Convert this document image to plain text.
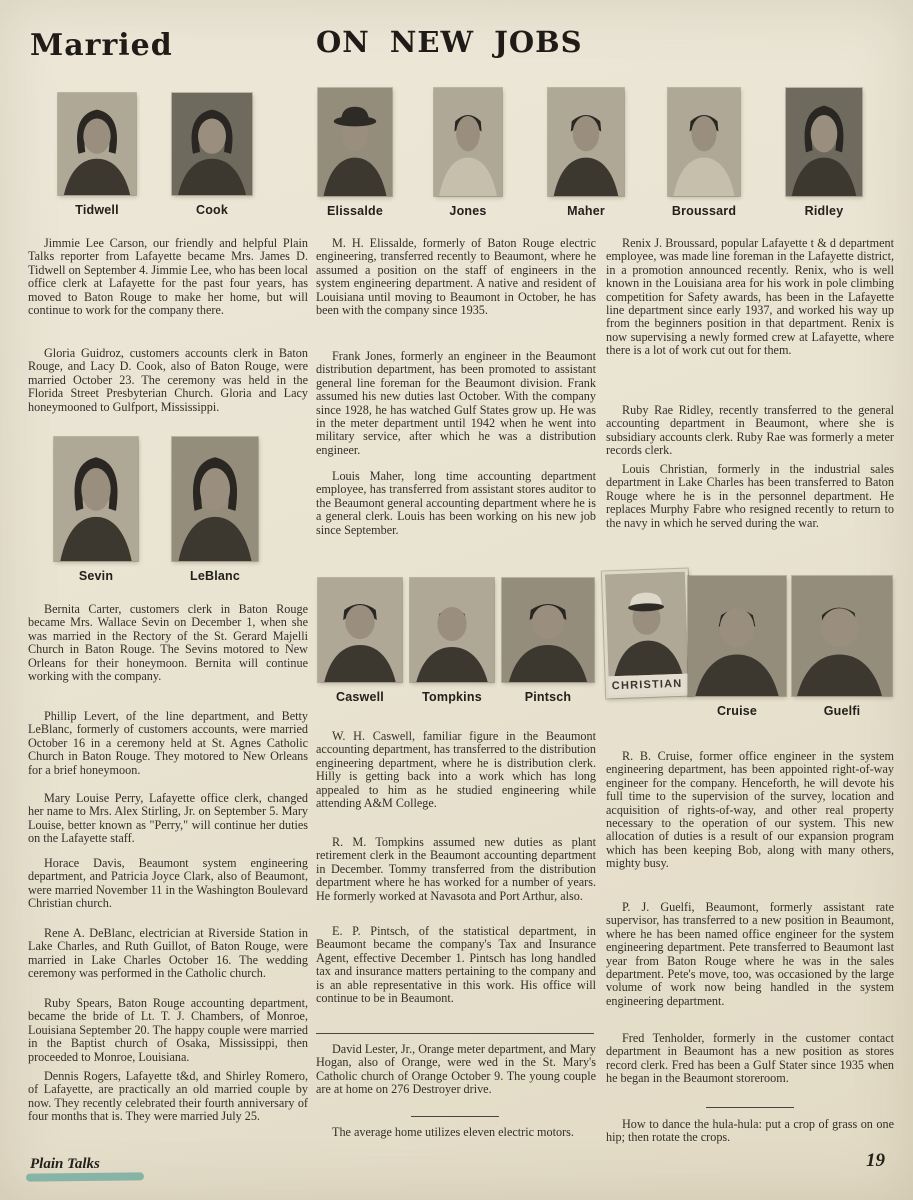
Married	ON NEW JOBS
Tidwell	Cook	Elissalde	Jones	Maher	Broussard	Ridley
Sevin	LeBlanc
Caswell	Tompkins	Pintsch
CHRISTIAN
Cruise	Guelfi

Jimmie Lee Carson, our friendly and helpful Plain Talks reporter from Lafayette became Mrs. James D. Tidwell on September 4. Jimmie Lee, who has been local office clerk at Lafayette for the past four years, has moved to Baton Rouge to make her home, but will continue to work for the company there.

Gloria Guidroz, customers accounts clerk in Baton Rouge, and Lacy D. Cook, also of Baton Rouge, were married October 23. The ceremony was held in the Florida Street Presbyterian Church. Gloria and Lacy honeymooned to Gulfport, Mississippi.

Bernita Carter, customers clerk in Baton Rouge became Mrs. Wallace Sevin on December 1, when she was married in the Rectory of the St. Gerard Majelli Church in Baton Rouge. The Sevins motored to New Orleans for their honeymoon. Bernita will continue working with the company.

Phillip Levert, of the line department, and Betty LeBlanc, formerly of customers accounts, were married October 16 in a ceremony held at St. Agnes Catholic Church in Baton Rouge. They motored to New Orleans for a brief honeymoon.

Mary Louise Perry, Lafayette office clerk, changed her name to Mrs. Alex Stirling, Jr. on September 5. Mary Louise, better known as "Perry," will continue her duties on the Lafayette staff.

Horace Davis, Beaumont system engineering department, and Patricia Joyce Clark, also of Beaumont, were married November 11 in the Washington Boulevard Christian church.

Rene A. DeBlanc, electrician at Riverside Station in Lake Charles, and Ruth Guillot, of Baton Rouge, were married in Lake Charles October 16. The wedding ceremony was performed in the Catholic church.

Ruby Spears, Baton Rouge accounting department, became the bride of Lt. T. J. Chambers, of Monroe, Louisiana September 20. The happy couple were married in the Baptist church of Osaka, Mississippi, then proceeded to Monroe, Louisiana.

Dennis Rogers, Lafayette t&d, and Shirley Romero, of Lafayette, are practically an old married couple by now. They recently celebrated their fourth anniversary of four months that is. They were married July 25.

M. H. Elissalde, formerly of Baton Rouge electric engineering, transferred recently to Beaumont, where he assumed a position on the staff of engineers in the system engineering department. A native and resident of Louisiana until moving to Beaumont in October, he has been with the company since 1935.

Frank Jones, formerly an engineer in the Beaumont distribution department, has been promoted to assistant general line foreman for the Beaumont division. Frank assumed his new duties last October. With the company since 1928, he has watched Gulf States grow up. He was in the meter department until 1942 when he went into military service, after which he was a distribution engineer.

Louis Maher, long time accounting department employee, has transferred from assistant stores auditor to the Beaumont general accounting department where he is a general clerk. Louis has been working on his new job since September.

W. H. Caswell, familiar figure in the Beaumont accounting department, has transferred to the distribution engineering department, where he is distribution clerk. Hilly is getting back into a work which has long appealed to him as he studied engineering while attending A&M College.

R. M. Tompkins assumed new duties as plant retirement clerk in the Beaumont accounting department in December. Tommy transferred from the distribution department where he has worked for a number of years. He formerly worked at Navasota and Port Arthur, also.

E. P. Pintsch, of the statistical department, in Beaumont became the company's Tax and Insurance Agent, effective December 1. Pintsch has long handled tax and insurance matters pertaining to the company and is an able representative in this work. His office will continue to be in Beaumont.

David Lester, Jr., Orange meter department, and Mary Hogan, also of Orange, were wed in the St. Mary's Catholic church of Orange October 9. The young couple are at home on 276 Destroyer drive.

The average home utilizes eleven electric motors.

Renix J. Broussard, popular Lafayette t & d department employee, was made line foreman in the Lafayette district, in a promotion announced recently. Renix, who is well known in the Louisiana area for his work in pole climbing competition for Safety awards, has been in the Lafayette line department since early 1937, and worked his way up from the beginners position in that department. Renix is now supervising a newly formed crew at Lafayette, where there is a lot of work cut out for them.

Ruby Rae Ridley, recently transferred to the general accounting department in Beaumont, where she is subsidiary accounts clerk. Ruby Rae was formerly a meter records clerk.

Louis Christian, formerly in the industrial sales department in Lake Charles has been transferred to Baton Rouge where he is in the personnel department. He replaces Murphy Fabre who resigned recently to return to the navy in which he served during the war.

R. B. Cruise, former office engineer in the system engineering department, has been appointed right-of-way engineer for the company. Henceforth, he will devote his full time to the supervision of the survey, location and acquisition of rights-of-way, and other real property necessary to the operation of our system. This new allocation of duties is a result of our expansion program which has been keeping Bob, along with many others, mighty busy.

P. J. Guelfi, Beaumont, formerly assistant rate supervisor, has transferred to a new position in Beaumont, where he has been named office engineer for the system engineering department. Pete transferred to Beaumont last year from Baton Rouge where he was in the sales department. Pete's move, too, was occasioned by the large volume of work now being handled in the system engineering department.

Fred Tenholder, formerly in the customer contact department in Beaumont has a new position as stores record clerk. Fred has been a Gulf Stater since 1935 when he began in the Beaumont storeroom.

How to dance the hula-hula: put a crop of grass on one hip; then rotate the crops.

Plain Talks	19
